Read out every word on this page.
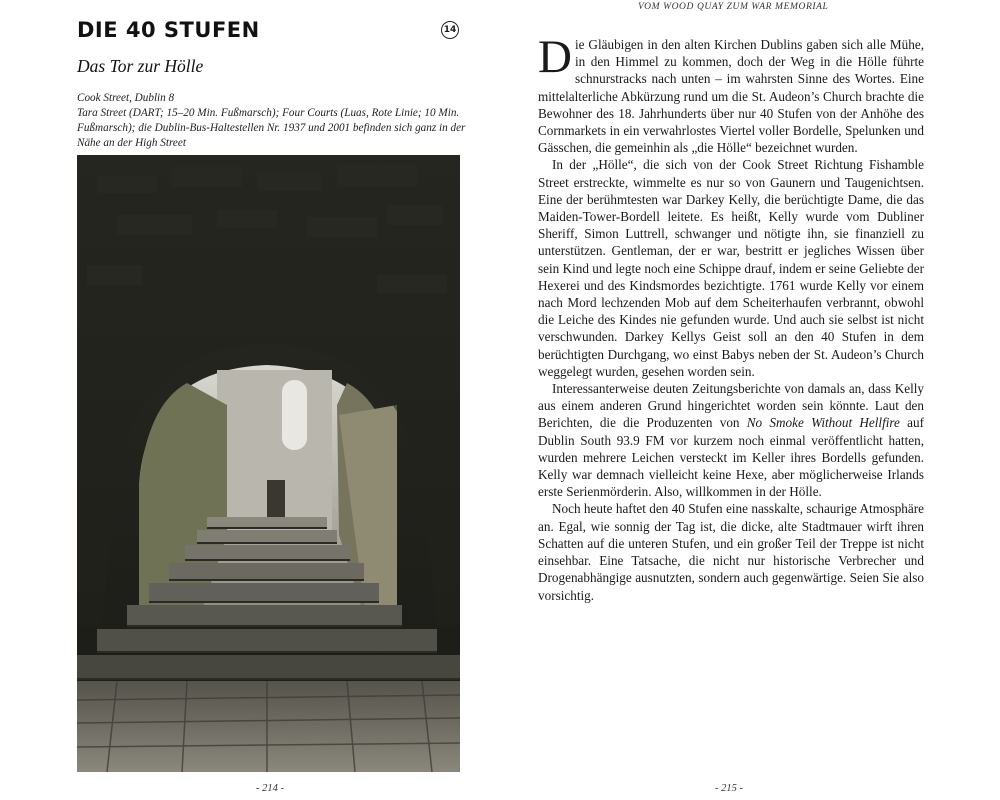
DIE 40 STUFEN	14
Das Tor zur Hölle
Cook Street, Dublin 8
Tara Street (DART; 15–20 Min. Fußmarsch); Four Courts (Luas, Rote Linie; 10 Min. Fußmarsch); die Dublin-Bus-Haltestellen Nr. 1937 und 2001 befinden sich ganz in der Nähe an der High Street
- 214 -
VOM WOOD QUAY ZUM WAR MEMORIAL

Die Gläubigen in den alten Kirchen Dublins gaben sich alle Mühe, in den Himmel zu kommen, doch der Weg in die Hölle führte schnurstracks nach unten – im wahrsten Sinne des Wortes. Eine mittelalterliche Abkürzung rund um die St. Audeon’s Church brachte die Bewohner des 18. Jahrhunderts über nur 40 Stufen von der Anhöhe des Cornmarkets in ein verwahrlostes Viertel voller Bordelle, Spelunken und Gässchen, die gemeinhin als „die Hölle“ bezeichnet wurden.

In der „Hölle“, die sich von der Cook Street Richtung Fishamble Street erstreckte, wimmelte es nur so von Gaunern und Taugenichtsen. Eine der berühmtesten war Darkey Kelly, die berüchtigte Dame, die das Maiden-Tower-Bordell leitete. Es heißt, Kelly wurde vom Dubliner Sheriff, Simon Luttrell, schwanger und nötigte ihn, sie finanziell zu unterstützen. Gentleman, der er war, bestritt er jegliches Wissen über sein Kind und legte noch eine Schippe drauf, indem er seine Geliebte der Hexerei und des Kindsmordes bezichtigte. 1761 wurde Kelly vor einem nach Mord lechzenden Mob auf dem Scheiterhaufen verbrannt, obwohl die Leiche des Kindes nie gefunden wurde. Und auch sie selbst ist nicht verschwunden. Darkey Kellys Geist soll an den 40 Stufen in dem berüchtigten Durchgang, wo einst Babys neben der St. Audeon’s Church weggelegt wurden, gesehen worden sein.

Interessanterweise deuten Zeitungsberichte von damals an, dass Kelly aus einem anderen Grund hingerichtet worden sein könnte. Laut den Berichten, die die Produzenten von No Smoke Without Hellfire auf Dublin South 93.9 FM vor kurzem noch einmal veröffentlicht hatten, wurden mehrere Leichen versteckt im Keller ihres Bordells gefunden. Kelly war demnach vielleicht keine Hexe, aber möglicherweise Irlands erste Serienmörderin. Also, willkommen in der Hölle.

Noch heute haftet den 40 Stufen eine nasskalte, schaurige Atmosphäre an. Egal, wie sonnig der Tag ist, die dicke, alte Stadtmauer wirft ihren Schatten auf die unteren Stufen, und ein großer Teil der Treppe ist nicht einsehbar. Eine Tatsache, die nicht nur historische Verbrecher und Drogenabhängige ausnutzten, sondern auch gegenwärtige. Seien Sie also vorsichtig.

- 215 -
